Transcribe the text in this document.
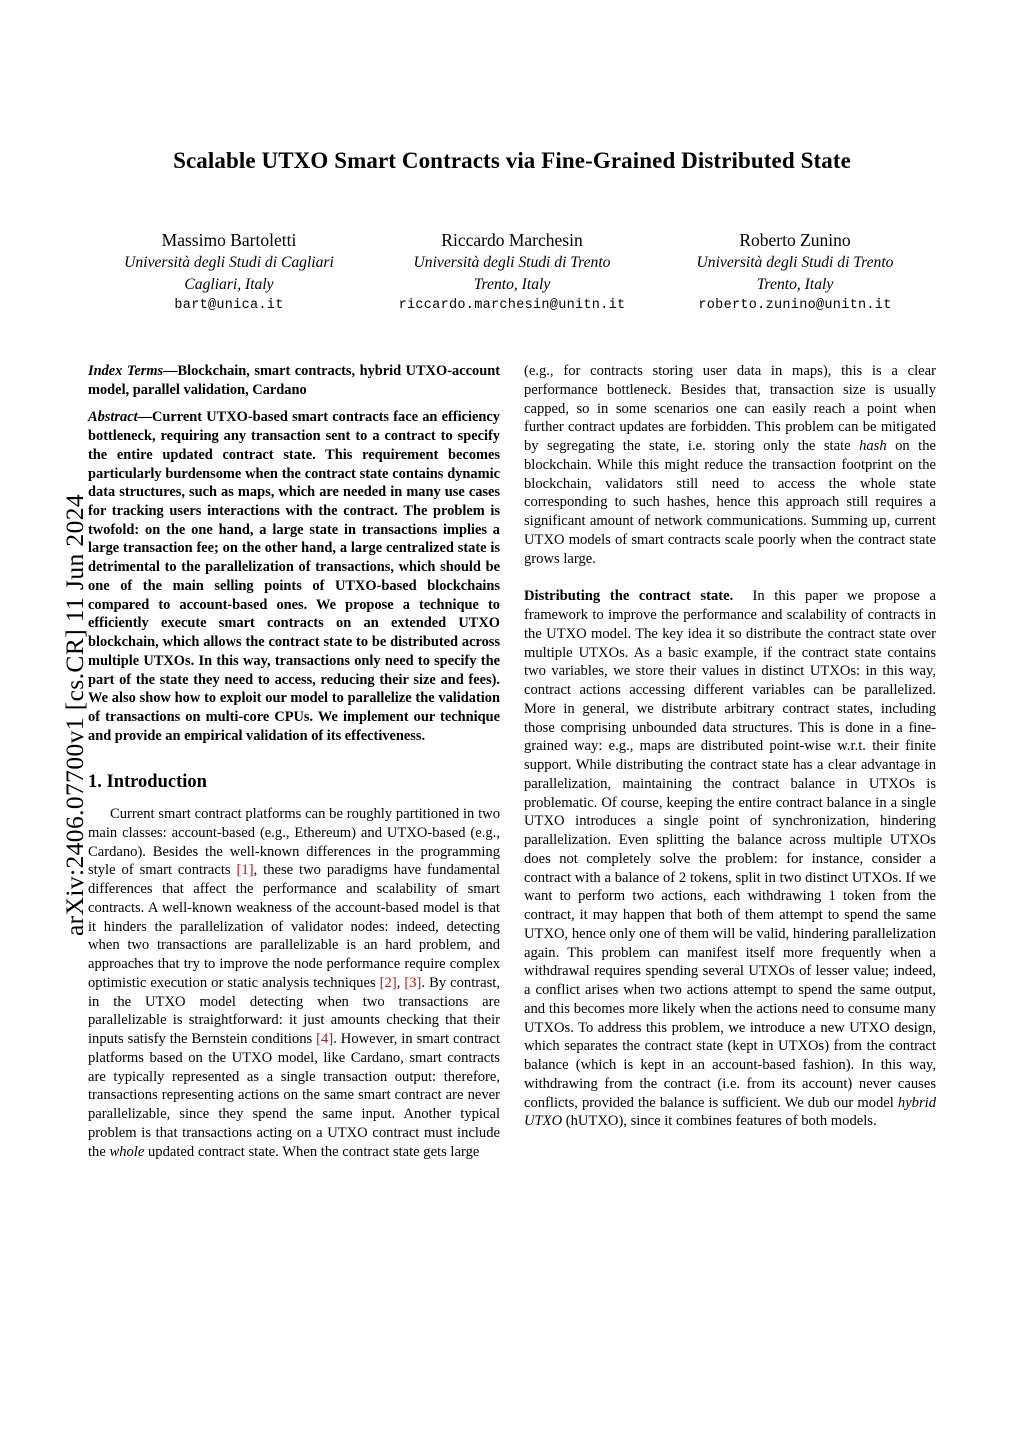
arXiv:2406.07700v1 [cs.CR] 11 Jun 2024
Scalable UTXO Smart Contracts via Fine-Grained Distributed State
Massimo Bartoletti
Università degli Studi di Cagliari
Cagliari, Italy
bart@unica.it
Riccardo Marchesin
Università degli Studi di Trento
Trento, Italy
riccardo.marchesin@unitn.it
Roberto Zunino
Università degli Studi di Trento
Trento, Italy
roberto.zunino@unitn.it
Index Terms—Blockchain, smart contracts, hybrid UTXO-account model, parallel validation, Cardano
Abstract—Current UTXO-based smart contracts face an efficiency bottleneck, requiring any transaction sent to a contract to specify the entire updated contract state. This requirement becomes particularly burdensome when the contract state contains dynamic data structures, such as maps, which are needed in many use cases for tracking users interactions with the contract. The problem is twofold: on the one hand, a large state in transactions implies a large transaction fee; on the other hand, a large centralized state is detrimental to the parallelization of transactions, which should be one of the main selling points of UTXO-based blockchains compared to account-based ones. We propose a technique to efficiently execute smart contracts on an extended UTXO blockchain, which allows the contract state to be distributed across multiple UTXOs. In this way, transactions only need to specify the part of the state they need to access, reducing their size and fees). We also show how to exploit our model to parallelize the validation of transactions on multi-core CPUs. We implement our technique and provide an empirical validation of its effectiveness.
1. Introduction

Current smart contract platforms can be roughly partitioned in two main classes: account-based (e.g., Ethereum) and UTXO-based (e.g., Cardano). Besides the well-known differences in the programming style of smart contracts [1], these two paradigms have fundamental differences that affect the performance and scalability of smart contracts. A well-known weakness of the account-based model is that it hinders the parallelization of validator nodes: indeed, detecting when two transactions are parallelizable is an hard problem, and approaches that try to improve the node performance require complex optimistic execution or static analysis techniques [2], [3]. By contrast, in the UTXO model detecting when two transactions are parallelizable is straightforward: it just amounts checking that their inputs satisfy the Bernstein conditions [4]. However, in smart contract platforms based on the UTXO model, like Cardano, smart contracts are typically represented as a single transaction output: therefore, transactions representing actions on the same smart contract are never parallelizable, since they spend the same input. Another typical problem is that transactions acting on a UTXO contract must include the whole updated contract state. When the contract state gets large

(e.g., for contracts storing user data in maps), this is a clear performance bottleneck. Besides that, transaction size is usually capped, so in some scenarios one can easily reach a point when further contract updates are forbidden. This problem can be mitigated by segregating the state, i.e. storing only the state hash on the blockchain. While this might reduce the transaction footprint on the blockchain, validators still need to access the whole state corresponding to such hashes, hence this approach still requires a significant amount of network communications. Summing up, current UTXO models of smart contracts scale poorly when the contract state grows large.

Distributing the contract state. In this paper we propose a framework to improve the performance and scalability of contracts in the UTXO model. The key idea it so distribute the contract state over multiple UTXOs. As a basic example, if the contract state contains two variables, we store their values in distinct UTXOs: in this way, contract actions accessing different variables can be parallelized. More in general, we distribute arbitrary contract states, including those comprising unbounded data structures. This is done in a fine-grained way: e.g., maps are distributed point-wise w.r.t. their finite support. While distributing the contract state has a clear advantage in parallelization, maintaining the contract balance in UTXOs is problematic. Of course, keeping the entire contract balance in a single UTXO introduces a single point of synchronization, hindering parallelization. Even splitting the balance across multiple UTXOs does not completely solve the problem: for instance, consider a contract with a balance of 2 tokens, split in two distinct UTXOs. If we want to perform two actions, each withdrawing 1 token from the contract, it may happen that both of them attempt to spend the same UTXO, hence only one of them will be valid, hindering parallelization again. This problem can manifest itself more frequently when a withdrawal requires spending several UTXOs of lesser value; indeed, a conflict arises when two actions attempt to spend the same output, and this becomes more likely when the actions need to consume many UTXOs. To address this problem, we introduce a new UTXO design, which separates the contract state (kept in UTXOs) from the contract balance (which is kept in an account-based fashion). In this way, withdrawing from the contract (i.e. from its account) never causes conflicts, provided the balance is sufficient. We dub our model hybrid UTXO (hUTXO), since it combines features of both models.
